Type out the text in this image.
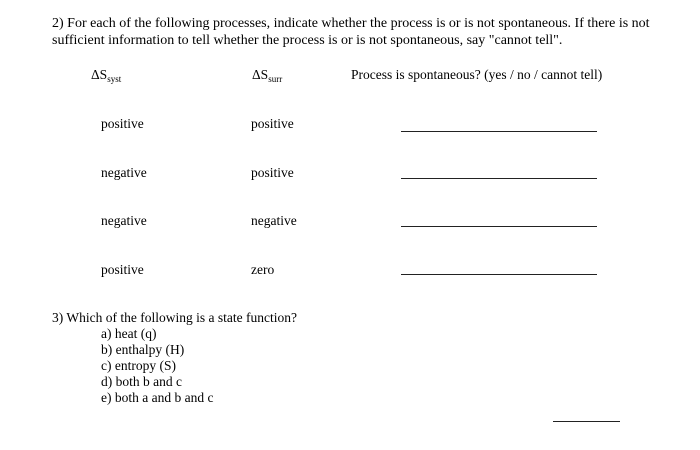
2) For each of the following processes, indicate whether the process is or is not spontaneous. If there is not sufficient information to tell whether the process is or is not spontaneous, say "cannot tell".
$\Delta S_{syst}$	$\Delta S_{surr}$	Process is spontaneous? (yes / no / cannot tell)
positive	positive
negative	positive
negative	negative
positive	zero
3) Which of the following is a state function?
a) heat (q)
b) enthalpy (H)
c) entropy (S)
d) both b and c
e) both a and b and c
